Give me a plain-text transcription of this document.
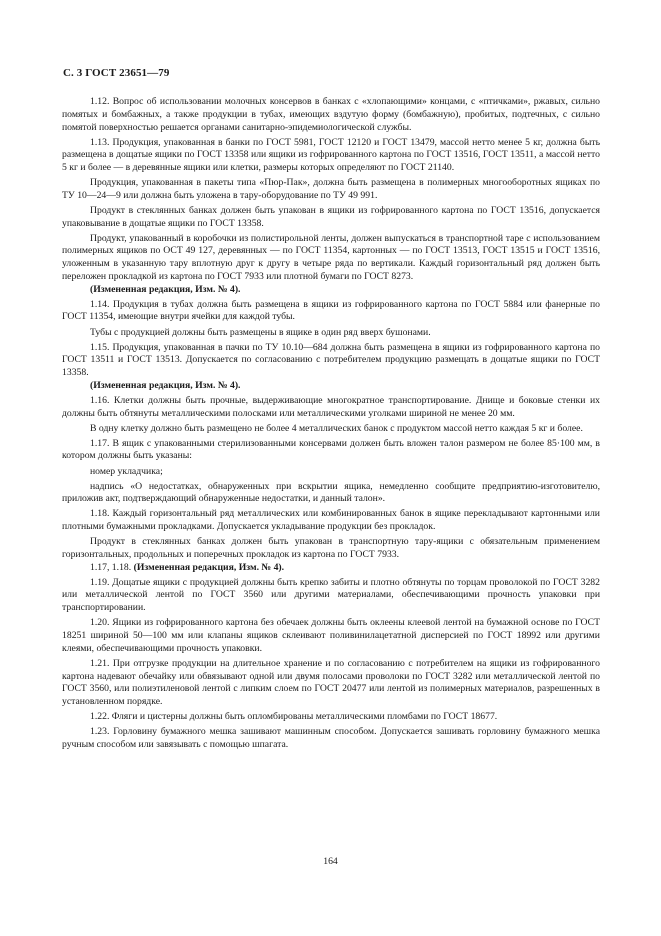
С. 3 ГОСТ 23651—79

1.12. Вопрос об использовании молочных консервов в банках с «хлопающими» концами, с «птичками», ржавых, сильно помятых и бомбажных, а также продукции в тубах, имеющих вздутую форму (бомбажную), пробитых, подтечных, с сильно помятой поверхностью решается органами санитарно-эпидемиологической службы.

1.13. Продукция, упакованная в банки по ГОСТ 5981, ГОСТ 12120 и ГОСТ 13479, массой нетто менее 5 кг, должна быть размещена в дощатые ящики по ГОСТ 13358 или ящики из гофрированного картона по ГОСТ 13516, ГОСТ 13511, а массой нетто 5 кг и более — в деревянные ящики или клетки, размеры которых определяют по ГОСТ 21140.

Продукция, упакованная в пакеты типа «Пюр-Пак», должна быть размещена в полимерных многооборотных ящиках по ТУ 10—24—9 или должна быть уложена в тару-оборудование по ТУ 49 991.

Продукт в стеклянных банках должен быть упакован в ящики из гофрированного картона по ГОСТ 13516, допускается упаковывание в дощатые ящики по ГОСТ 13358.

Продукт, упакованный в коробочки из полистирольной ленты, должен выпускаться в транспортной таре с использованием полимерных ящиков по ОСТ 49 127, деревянных — по ГОСТ 11354, картонных — по ГОСТ 13513, ГОСТ 13515 и ГОСТ 13516, уложенным в указанную тару вплотную друг к другу в четыре ряда по вертикали. Каждый горизонтальный ряд должен быть переложен прокладкой из картона по ГОСТ 7933 или плотной бумаги по ГОСТ 8273.

(Измененная редакция, Изм. № 4).

1.14. Продукция в тубах должна быть размещена в ящики из гофрированного картона по ГОСТ 5884 или фанерные по ГОСТ 11354, имеющие внутри ячейки для каждой тубы.

Тубы с продукцией должны быть размещены в ящике в один ряд вверх бушонами.

1.15. Продукция, упакованная в пачки по ТУ 10.10—684 должна быть размещена в ящики из гофрированного картона по ГОСТ 13511 и ГОСТ 13513. Допускается по согласованию с потребителем продукцию размещать в дощатые ящики по ГОСТ 13358.

(Измененная редакция, Изм. № 4).

1.16. Клетки должны быть прочные, выдерживающие многократное транспортирование. Днище и боковые стенки их должны быть обтянуты металлическими полосками или металлическими уголками шириной не менее 20 мм.

В одну клетку должно быть размещено не более 4 металлических банок с продуктом массой нетто каждая 5 кг и более.

1.17. В ящик с упакованными стерилизованными консервами должен быть вложен талон размером не более 85·100 мм, в котором должны быть указаны:

номер укладчика;

надпись «О недостатках, обнаруженных при вскрытии ящика, немедленно сообщите предприятию-изготовителю, приложив акт, подтверждающий обнаруженные недостатки, и данный талон».

1.18. Каждый горизонтальный ряд металлических или комбинированных банок в ящике перекладывают картонными или плотными бумажными прокладками. Допускается укладывание продукции без прокладок.

Продукт в стеклянных банках должен быть упакован в транспортную тару-ящики с обязательным применением горизонтальных, продольных и поперечных прокладок из картона по ГОСТ 7933.

1.17, 1.18. (Измененная редакция, Изм. № 4).

1.19. Дощатые ящики с продукцией должны быть крепко забиты и плотно обтянуты по торцам проволокой по ГОСТ 3282 или металлической лентой по ГОСТ 3560 или другими материалами, обеспечивающими прочность упаковки при транспортировании.

1.20. Ящики из гофрированного картона без обечаек должны быть оклеены клеевой лентой на бумажной основе по ГОСТ 18251 шириной 50—100 мм или клапаны ящиков склеивают поливинилацетатной дисперсией по ГОСТ 18992 или другими клеями, обеспечивающими прочность упаковки.

1.21. При отгрузке продукции на длительное хранение и по согласованию с потребителем на ящики из гофрированного картона надевают обечайку или обвязывают одной или двумя полосами проволоки по ГОСТ 3282 или металлической лентой по ГОСТ 3560, или полиэтиленовой лентой с липким слоем по ГОСТ 20477 или лентой из полимерных материалов, разрешенных в установленном порядке.

1.22. Фляги и цистерны должны быть опломбированы металлическими пломбами по ГОСТ 18677.

1.23. Горловину бумажного мешка зашивают машинным способом. Допускается зашивать горловину бумажного мешка ручным способом или завязывать с помощью шпагата.

164
